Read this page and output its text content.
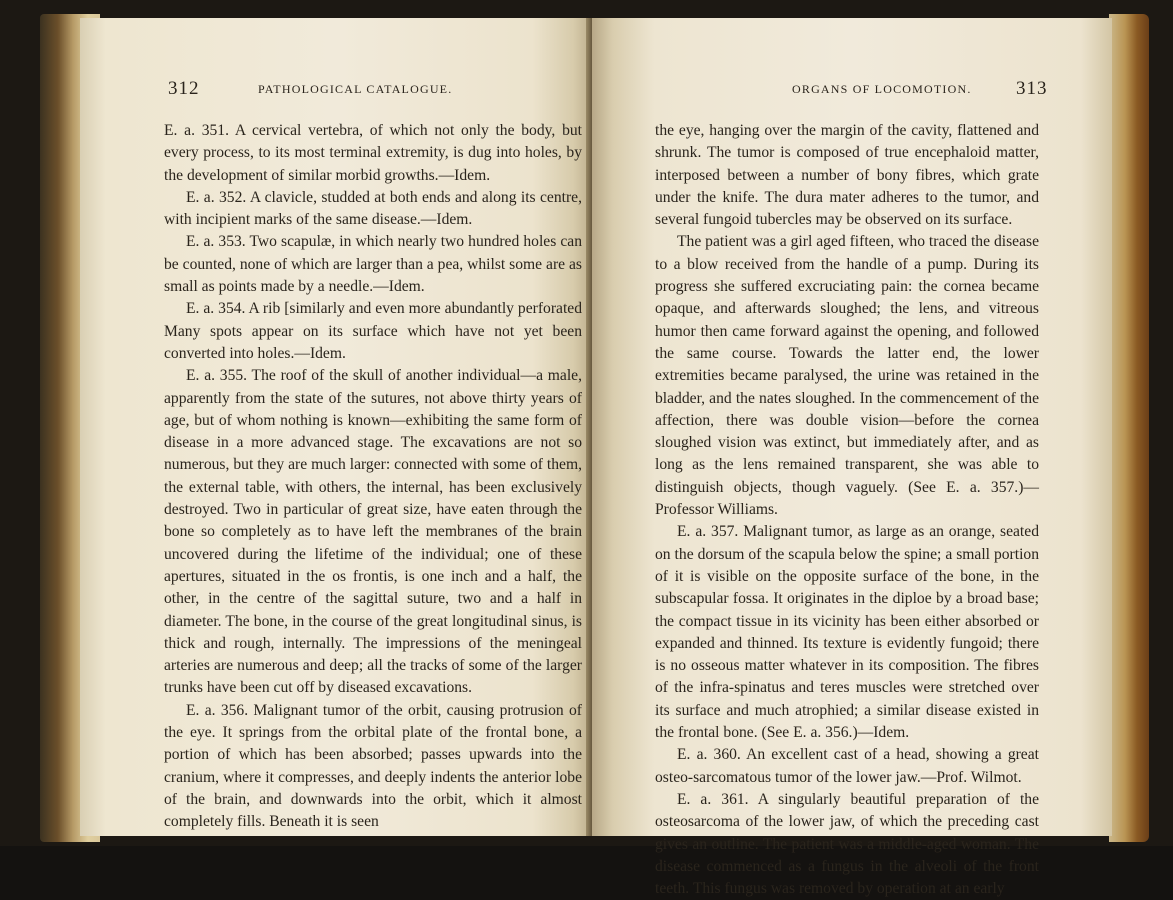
312	PATHOLOGICAL CATALOGUE.

E. a. 351. A cervical vertebra, of which not only the body, but every process, to its most terminal extremity, is dug into holes, by the development of similar morbid growths.—Idem.

E. a. 352. A clavicle, studded at both ends and along its centre, with incipient marks of the same disease.—Idem.

E. a. 353. Two scapulæ, in which nearly two hundred holes can be counted, none of which are larger than a pea, whilst some are as small as points made by a needle.—Idem.

E. a. 354. A rib [similarly and even more abundantly perforated Many spots appear on its surface which have not yet been converted into holes.—Idem.

E. a. 355. The roof of the skull of another individual—a male, apparently from the state of the sutures, not above thirty years of age, but of whom nothing is known—exhibiting the same form of disease in a more advanced stage. The excavations are not so numerous, but they are much larger: connected with some of them, the external table, with others, the internal, has been exclusively destroyed. Two in particular of great size, have eaten through the bone so completely as to have left the membranes of the brain uncovered during the lifetime of the individual; one of these apertures, situated in the os frontis, is one inch and a half, the other, in the centre of the sagittal suture, two and a half in diameter. The bone, in the course of the great longitudinal sinus, is thick and rough, internally. The impressions of the meningeal arteries are numerous and deep; all the tracks of some of the larger trunks have been cut off by diseased excavations.

E. a. 356. Malignant tumor of the orbit, causing protrusion of the eye. It springs from the orbital plate of the frontal bone, a portion of which has been absorbed; passes upwards into the cranium, where it compresses, and deeply indents the anterior lobe of the brain, and downwards into the orbit, which it almost completely fills. Beneath it is seen

ORGANS OF LOCOMOTION. 313

the eye, hanging over the margin of the cavity, flattened and shrunk. The tumor is composed of true encephaloid matter, interposed between a number of bony fibres, which grate under the knife. The dura mater adheres to the tumor, and several fungoid tubercles may be observed on its surface.

The patient was a girl aged fifteen, who traced the disease to a blow received from the handle of a pump. During its progress she suffered excruciating pain: the cornea became opaque, and afterwards sloughed; the lens, and vitreous humor then came forward against the opening, and followed the same course. Towards the latter end, the lower extremities became paralysed, the urine was retained in the bladder, and the nates sloughed. In the commencement of the affection, there was double vision—before the cornea sloughed vision was extinct, but immediately after, and as long as the lens remained transparent, she was able to distinguish objects, though vaguely. (See E. a. 357.)—Professor Williams.

E. a. 357. Malignant tumor, as large as an orange, seated on the dorsum of the scapula below the spine; a small portion of it is visible on the opposite surface of the bone, in the subscapular fossa. It originates in the diploe by a broad base; the compact tissue in its vicinity has been either absorbed or expanded and thinned. Its texture is evidently fungoid; there is no osseous matter whatever in its composition. The fibres of the infra-spinatus and teres muscles were stretched over its surface and much atrophied; a similar disease existed in the frontal bone. (See E. a. 356.)—Idem.

E. a. 360. An excellent cast of a head, showing a great osteo-sarcomatous tumor of the lower jaw.—Prof. Wilmot.

E. a. 361. A singularly beautiful preparation of the osteosarcoma of the lower jaw, of which the preceding cast gives an outline. The patient was a middle-aged woman. The disease commenced as a fungus in the alveoli of the front teeth. This fungus was removed by operation at an early
